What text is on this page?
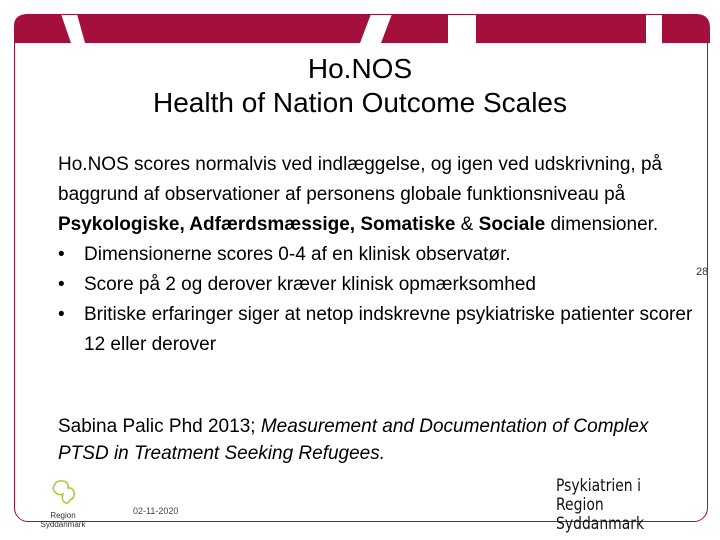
Ho.NOS
Health of Nation Outcome Scales

Ho.NOS scores normalvis ved indlæggelse, og igen ved udskrivning, på baggrund af observationer af personens globale funktionsniveau på Psykologiske, Adfærdsmæssige, Somatiske & Sociale dimensioner.

•	Dimensionerne scores 0-4 af en klinisk observatør.
•	Score på 2 og derover kræver klinisk opmærksomhed
•	Britiske erfaringer siger at netop indskrevne psykiatriske patienter scorer 12 eller derover
Sabina Palic Phd 2013; Measurement and Documentation of Complex PTSD in Treatment Seeking Refugees.
28
02-11-2020
Region Syddanmark
Psykiatrien i
Region Syddanmark
